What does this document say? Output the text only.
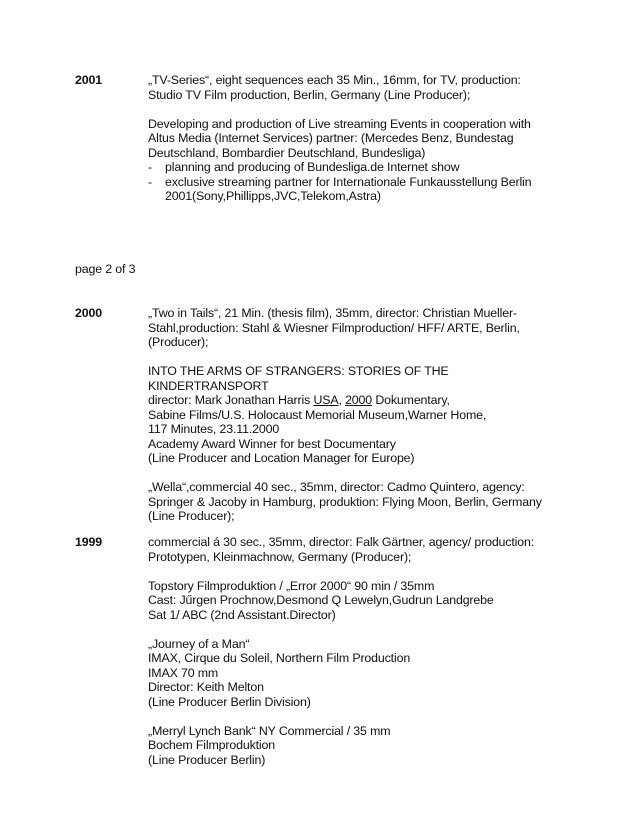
2001	„TV-Series“, eight sequences each 35 Min., 16mm, for TV, production:
Studio TV Film production, Berlin, Germany (Line Producer);
Developing and production of Live streaming Events in cooperation with
Altus Media (Internet Services) partner: (Mercedes Benz, Bundestag
Deutschland, Bombardier Deutschland, Bundesliga)
- planning and producing of Bundesliga.de Internet show
- exclusive streaming partner for Internationale Funkausstellung Berlin
2001(Sony,Phillipps,JVC,Telekom,Astra)
page 2 of 3
2000	„Two in Tails“, 21 Min. (thesis film), 35mm, director: Christian Mueller-
Stahl,production: Stahl & Wiesner Filmproduction/ HFF/ ARTE, Berlin,
(Producer);
INTO THE ARMS OF STRANGERS: STORIES OF THE
KINDERTRANSPORT
director: Mark Jonathan Harris USA, 2000 Dokumentary,
Sabine Films/U.S. Holocaust Memorial Museum,Warner Home,
117 Minutes, 23.11.2000
Academy Award Winner for best Documentary
(Line Producer and Location Manager for Europe)
„Wella“,commercial 40 sec., 35mm, director: Cadmo Quintero, agency:
Springer & Jacoby in Hamburg, produktion: Flying Moon, Berlin, Germany
(Line Producer);
1999	commercial á 30 sec., 35mm, director: Falk Gärtner, agency/ production:
Prototypen, Kleinmachnow, Germany (Producer);
Topstory Filmproduktion / „Error 2000“ 90 min / 35mm
Cast: Jűrgen Prochnow,Desmond Q Lewelyn,Gudrun Landgrebe
Sat 1/ ABC (2nd Assistant.Director)
„Journey of a Man“
IMAX, Cirque du Soleil, Northern Film Production
IMAX 70 mm
Director: Keith Melton
(Line Producer Berlin Division)
„Merryl Lynch Bank“ NY Commercial / 35 mm
Bochem Filmproduktion
(Line Producer Berlin)
